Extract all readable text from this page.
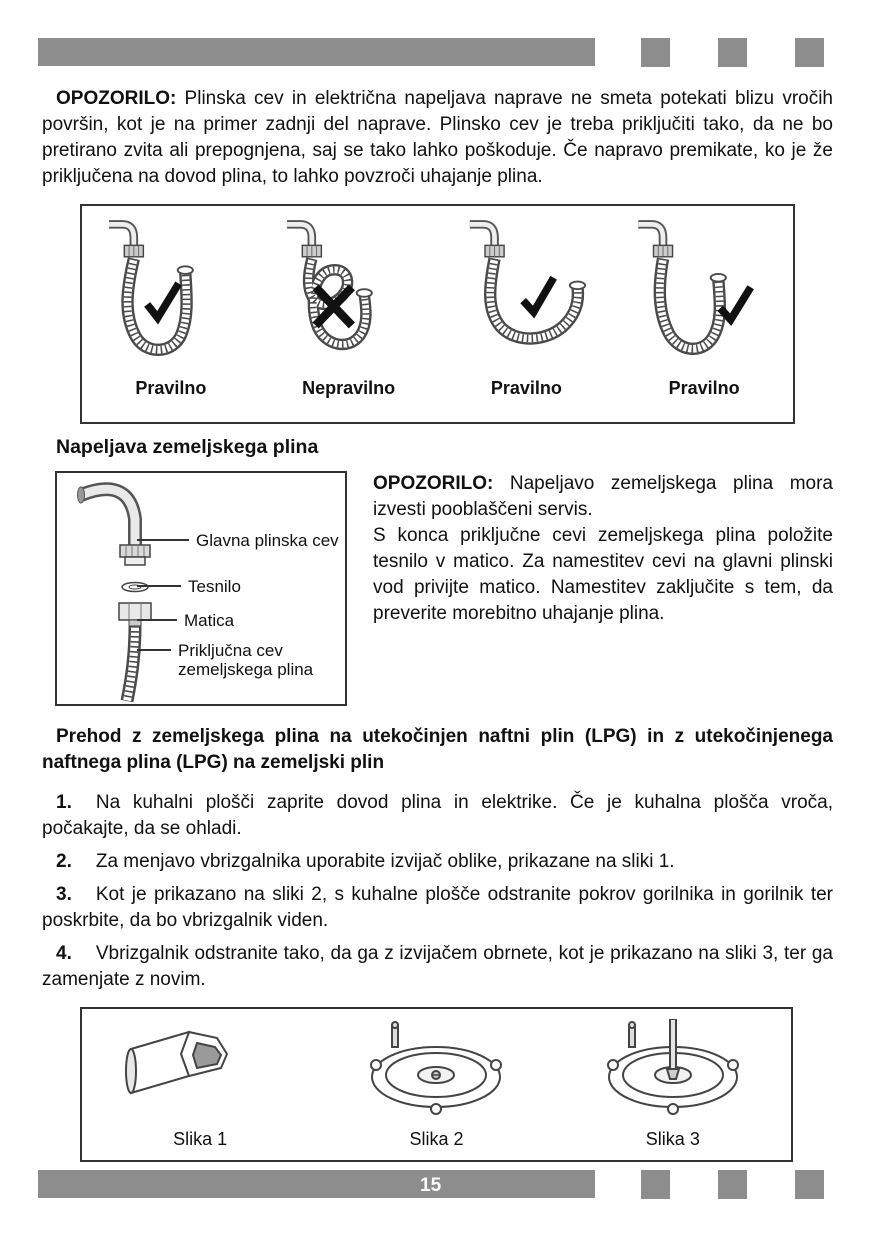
OPOZORILO: Plinska cev in električna napeljava naprave ne smeta potekati blizu vročih površin, kot je na primer zadnji del naprave. Plinsko cev je treba priključiti tako, da ne bo pretirano zvita ali prepognjena, saj se tako lahko poškoduje. Če napravo premikate, ko je že priključena na dovod plina, to lahko povzroči uhajanje plina.

Pravilno	Nepravilno	Pravilno	Pravilno
Napeljava zemeljskega plina
Glavna plinska cev
Tesnilo
Matica
Priključna cev zemeljskega plina

OPOZORILO: Napeljavo zemeljskega plina mora izvesti pooblaščeni servis.

S konca priključne cevi zemeljskega plina položite tesnilo v matico. Za namestitev cevi na glavni plinski vod privijte matico. Namestitev zaključite s tem, da preverite morebitno uhajanje plina.

Prehod z zemeljskega plina na utekočinjen naftni plin (LPG) in z utekočinjenega naftnega plina (LPG) na zemeljski plin

1. Na kuhalni plošči zaprite dovod plina in elektrike. Če je kuhalna plošča vroča, počakajte, da se ohladi.

2. Za menjavo vbrizgalnika uporabite izvijač oblike, prikazane na sliki 1.

3. Kot je prikazano na sliki 2, s kuhalne plošče odstranite pokrov gorilnika in gorilnik ter poskrbite, da bo vbrizgalnik viden.

4. Vbrizgalnik odstranite tako, da ga z izvijačem obrnete, kot je prikazano na sliki 3, ter ga zamenjate z novim.

Slika 1	Slika 2	Slika 3
15
